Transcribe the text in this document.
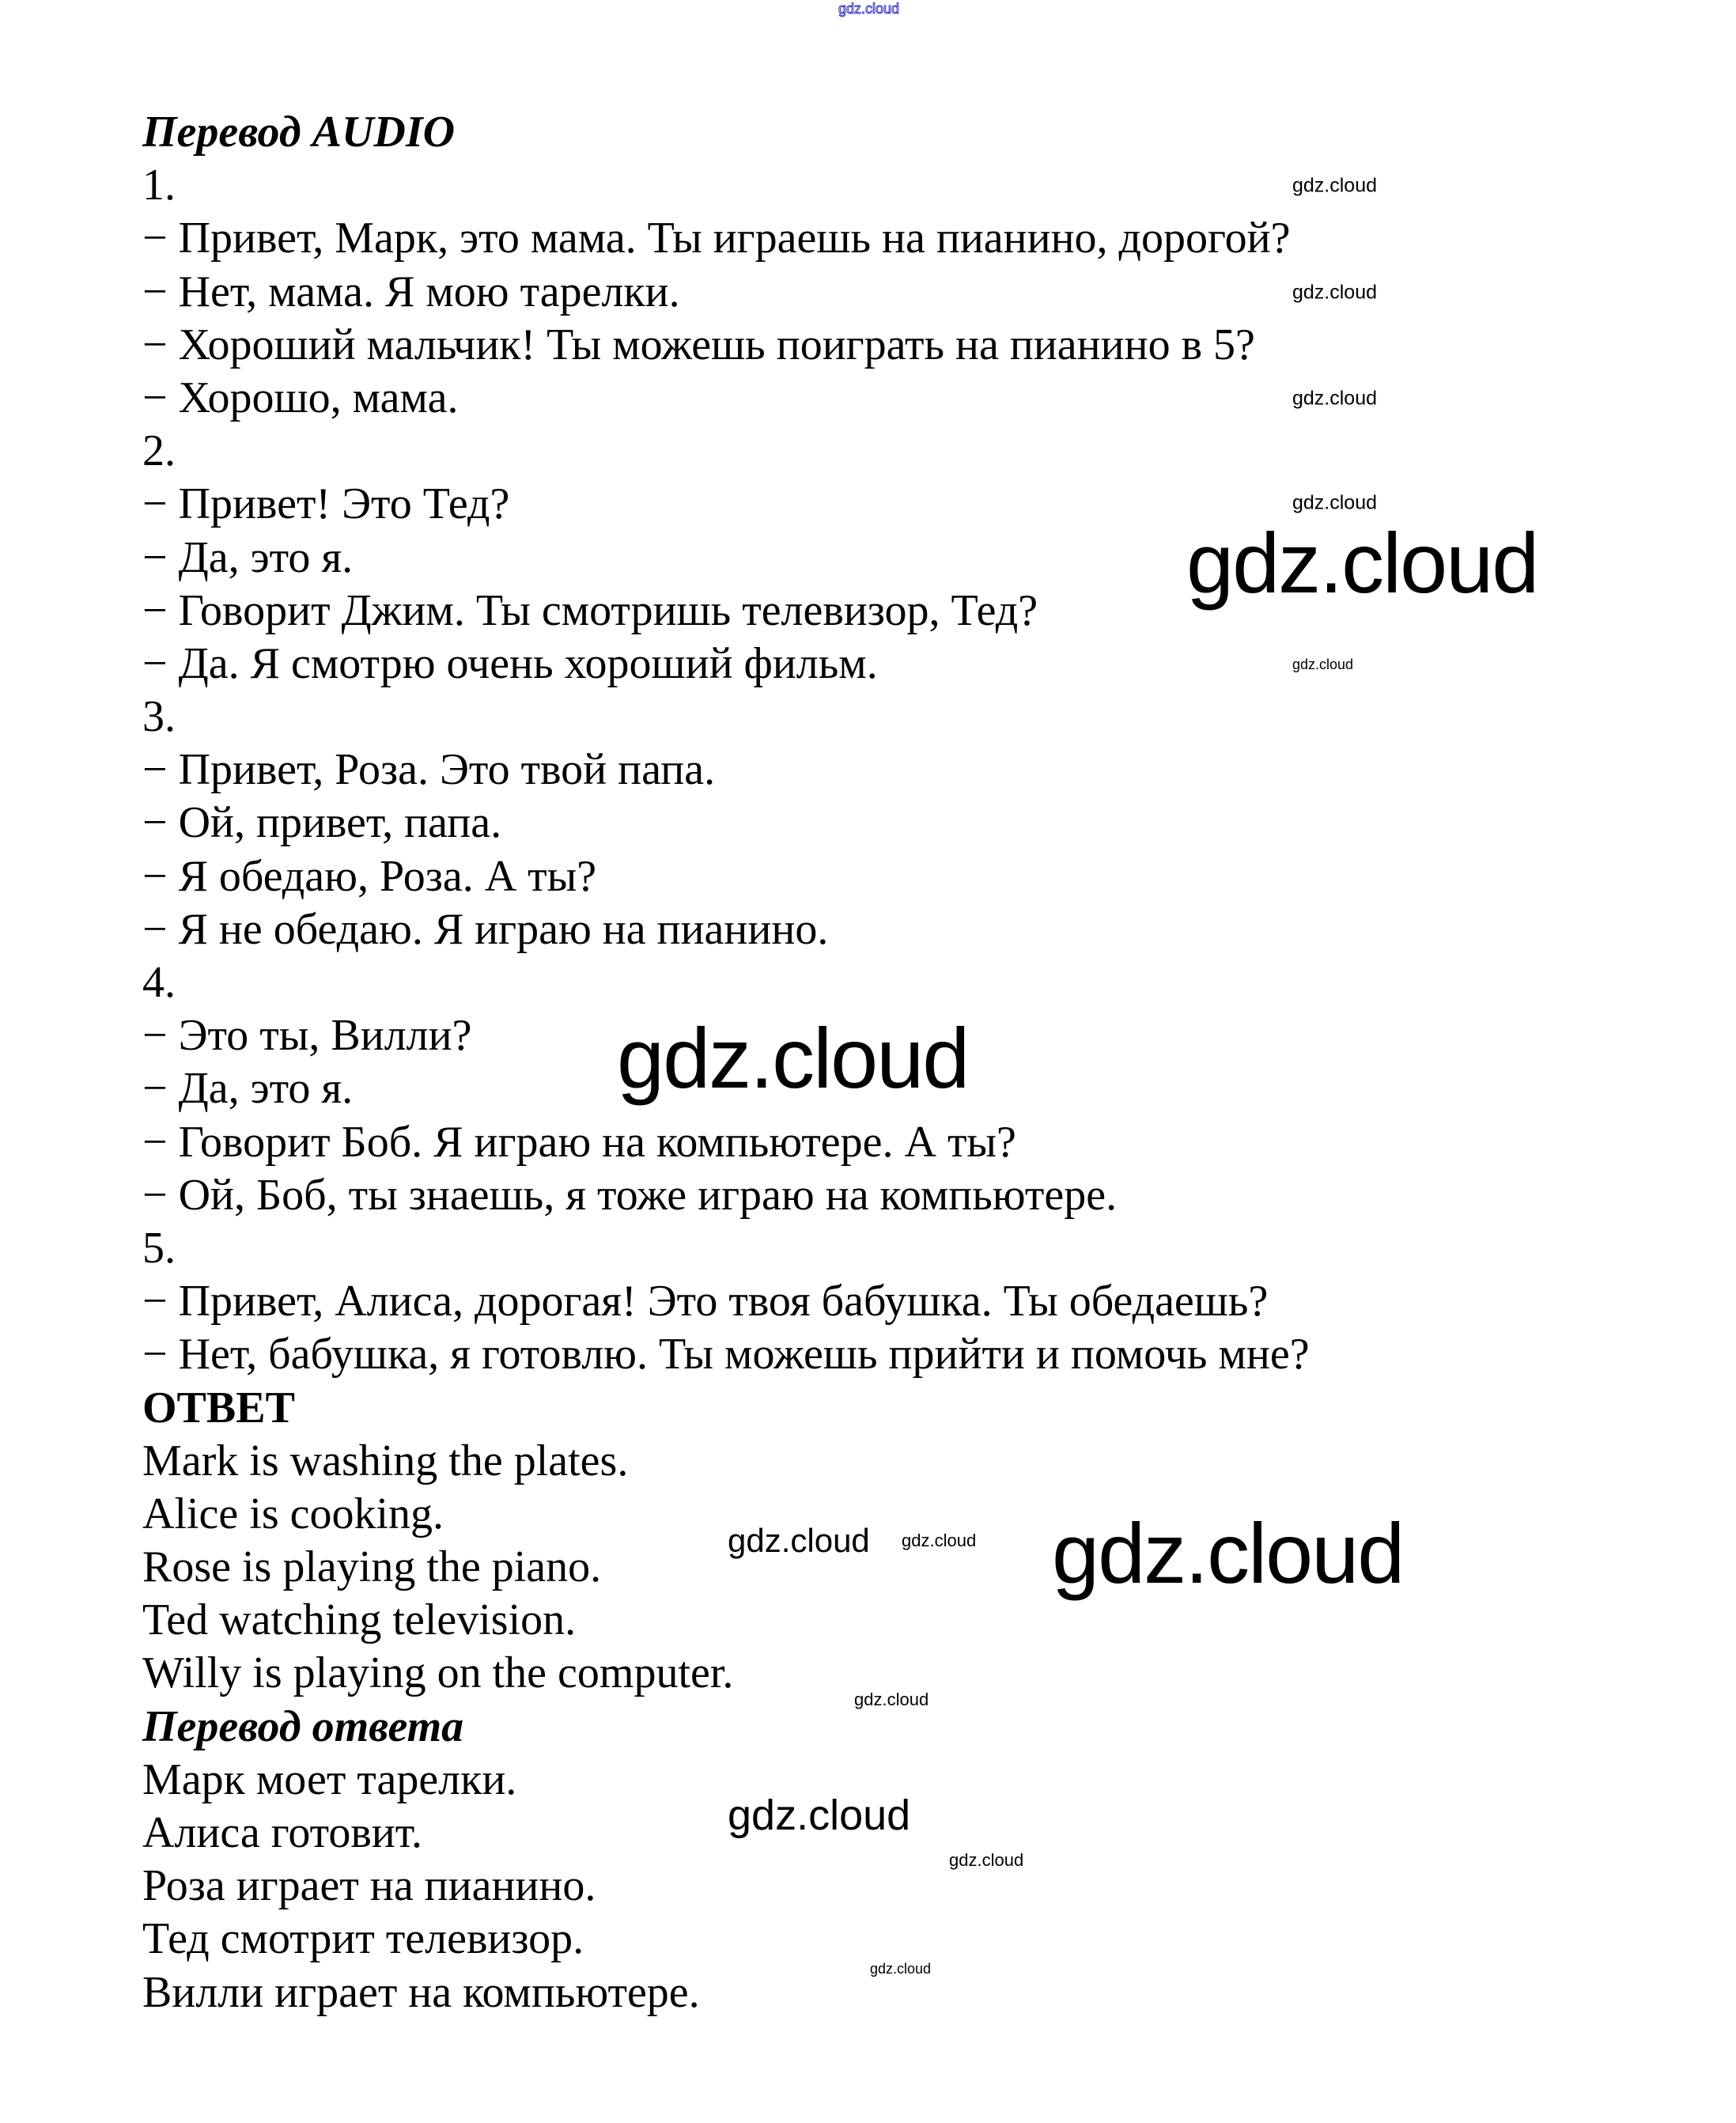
Перевод AUDIO
1.
− Привет, Марк, это мама. Ты играешь на пианино, дорогой?
− Нет, мама. Я мою тарелки.
− Хороший мальчик! Ты можешь поиграть на пианино в 5?
− Хорошо, мама.
2.
− Привет! Это Тед?
− Да, это я.
− Говорит Джим. Ты смотришь телевизор, Тед?
− Да. Я смотрю очень хороший фильм.
3.
− Привет, Роза. Это твой папа.
− Ой, привет, папа.
− Я обедаю, Роза. А ты?
− Я не обедаю. Я играю на пианино.
4.
− Это ты, Вилли?
− Да, это я.
− Говорит Боб. Я играю на компьютере. А ты?
− Ой, Боб, ты знаешь, я тоже играю на компьютере.
5.
− Привет, Алиса, дорогая! Это твоя бабушка. Ты обедаешь?
− Нет, бабушка, я готовлю. Ты можешь прийти и помочь мне?
ОТВЕТ
Mark is washing the plates.
Alice is cooking.
Rose is playing the piano.
Ted watching television.
Willy is playing on the computer.
Перевод ответа
Марк моет тарелки.
Алиса готовит.
Роза играет на пианино.
Тед смотрит телевизор.
Вилли играет на компьютере.
gdz.cloud
gdz.cloud
gdz.cloud
gdz.cloud
gdz.cloud
gdz.cloud
gdz.cloud
gdz.cloud
gdz.cloud
gdz.cloud
gdz.cloud
gdz.cloud
gdz.cloud
gdz.cloud
gdz.cloud
